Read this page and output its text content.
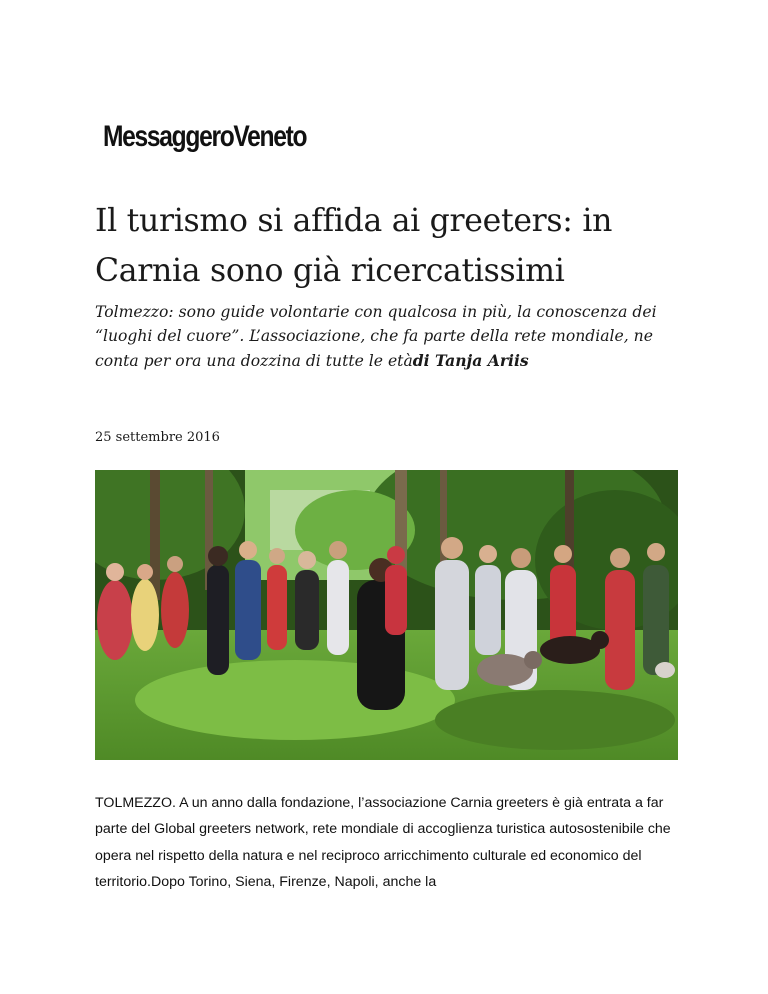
MessaggeroVeneto
Il turismo si affida ai greeters: in Carnia sono già ricercatissimi

Tolmezzo: sono guide volontarie con qualcosa in più, la conoscenza dei “luoghi del cuore”. L’associazione, che fa parte della rete mondiale, ne conta per ora una dozzina di tutte le etàdi Tanja Ariis

25 settembre 2016

TOLMEZZO. A un anno dalla fondazione, l’associazione Carnia greeters è già entrata a far parte del Global greeters network, rete mondiale di accoglienza turistica autosostenibile che opera nel rispetto della natura e nel reciproco arricchimento culturale ed economico del territorio.Dopo Torino, Siena, Firenze, Napoli, anche la
